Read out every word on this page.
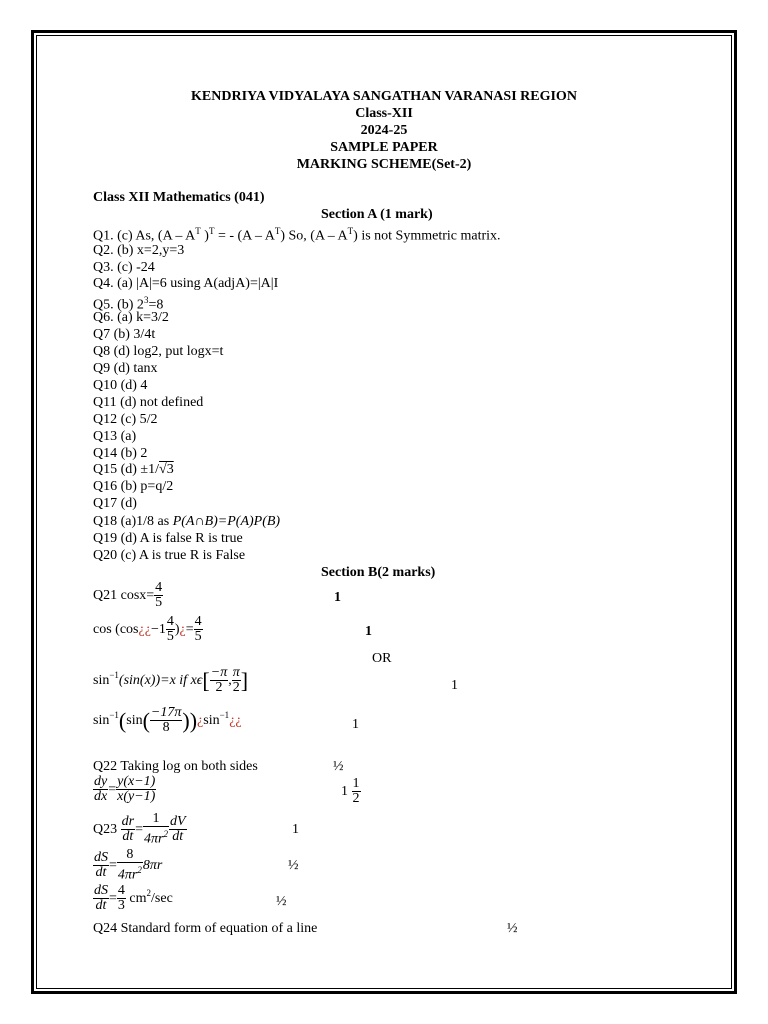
KENDRIYA VIDYALAYA SANGATHAN VARANASI REGION
Class-XII
2024-25
SAMPLE PAPER
MARKING SCHEME(Set-2)
Class XII Mathematics (041)
Section A (1 mark)
Q1. (c) As, ($A - A^T$ )$^T$ = - $(A - A^T)$ So, $(A - A^T)$ is not Symmetric matrix.
Q2. (b) x=2,y=3
Q3. (c) -24
Q4. (a) |A|=6 using A(adjA)=|A|I
Q5. (b) $2^3=8$
Q6. (a) k=3/2
Q7 (b) 3/4t
Q8 (d) log2, put logx=t
Q9 (d) tanx
Q10 (d) 4
Q11 (d) not defined
Q12 (c) 5/2
Q13 (a)
Q14 (b) 2
Q15 (d) ±1/√3
Q16 (b) p=q/2
Q17 (d)
Q18 (a)1/8 as P(A∩B)=P(A)P(B)
Q19 (d) A is false R is true
Q20 (c) A is true R is False
Section B(2 marks)
Q21 $\cos x= \frac{4}{5}$	1
cos (cos¿¿−1 $\frac{4}{5}$ )¿= $\frac{4}{5}$	1
OR
$\sin^{-1}(\sin(x))=x$ if $x\epsilon[ \frac{-\pi}{2}$ , $\frac{\pi}{2}$ ]	1
$\sin^{-1}(\sin( \frac{-17\pi}{8}$ ))¿$\sin^{-1}¿¿$	1
Q22 Taking log on both sides	½
$\frac{dy}{dx} = \frac{y(x-1)}{x(y-1)}$	$1 \frac{1}{2}$
$Q23 \frac{dr}{dt} = \frac{1}{4\pi r^2} \frac{dV}{dt}$	1
$\frac{dS}{dt} = \frac{8}{4\pi r^2} 8\pi r$	½
$\frac{dS}{dt} = \frac{4}{3} cm^2/\sec$	½
Q24 Standard form of equation of a line	½
